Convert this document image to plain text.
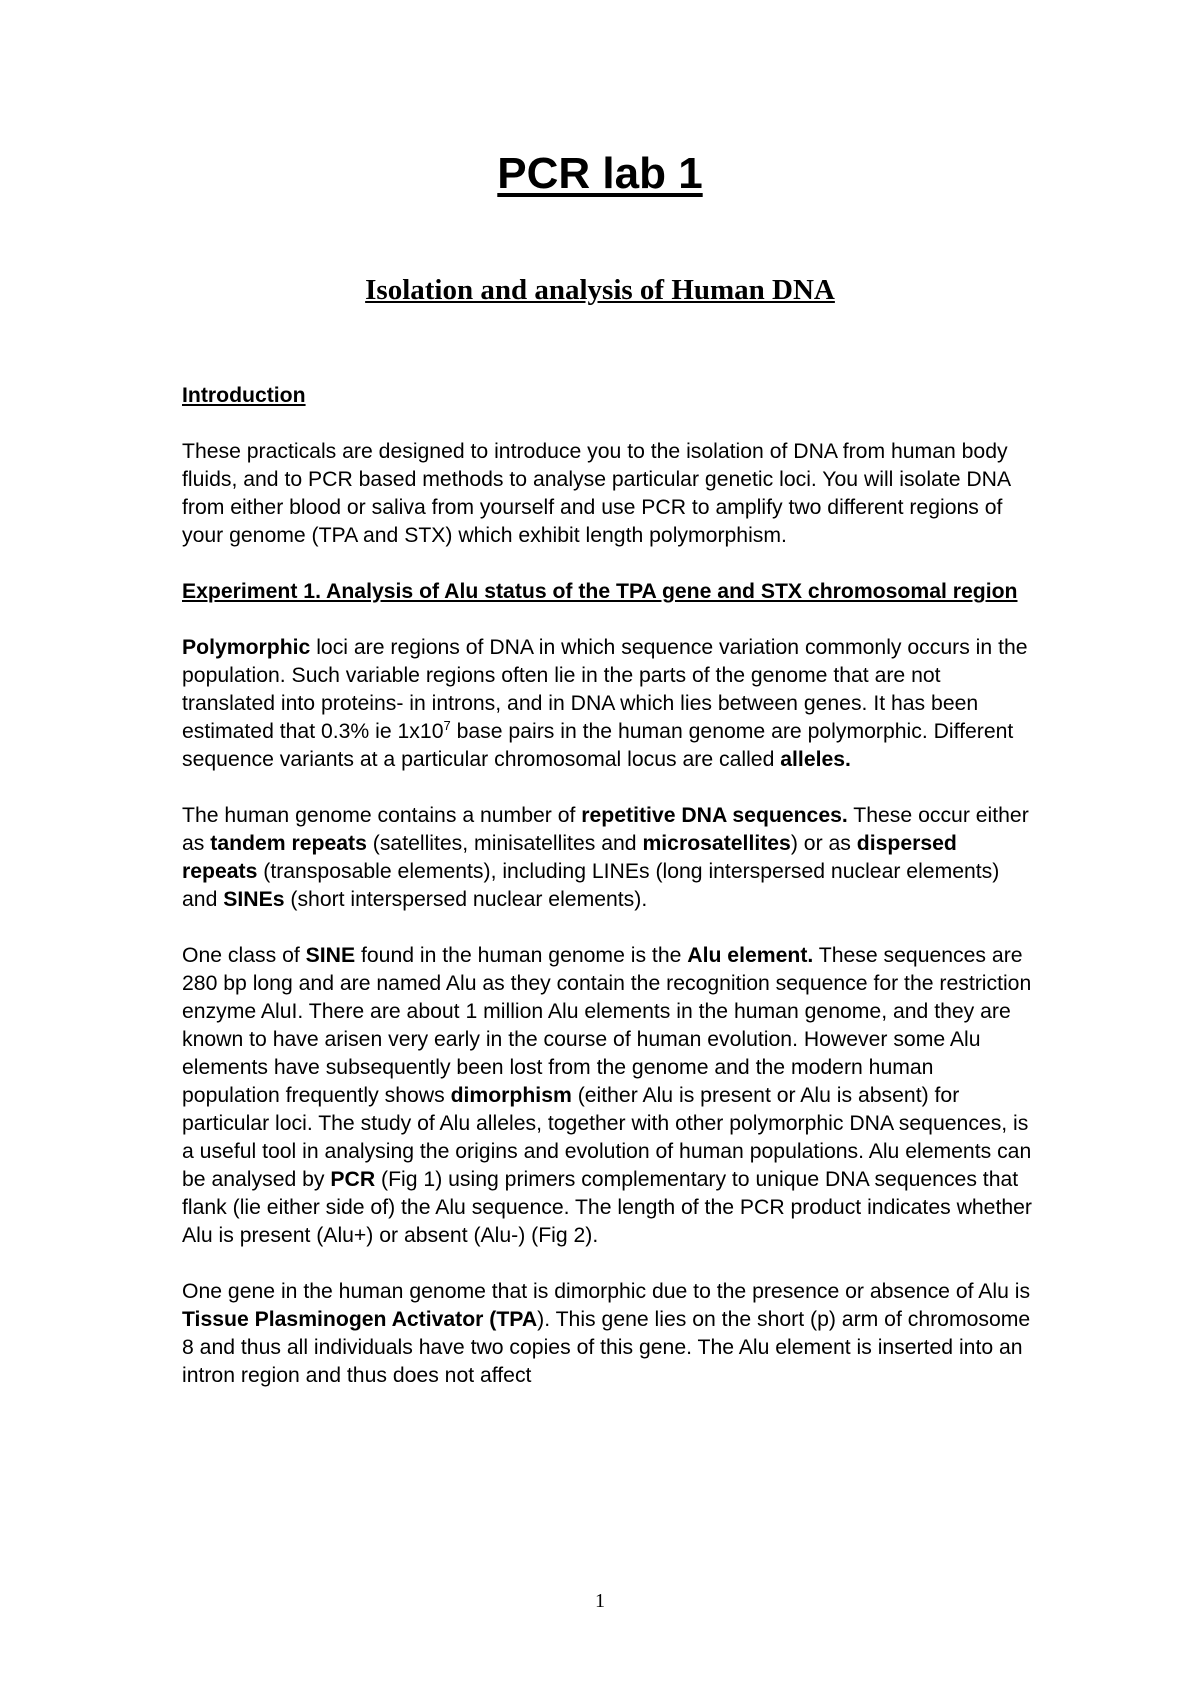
PCR lab 1
Isolation and analysis of Human DNA

Introduction

These practicals are designed to introduce you to the isolation of DNA from human body fluids, and to PCR based methods to analyse particular genetic loci. You will isolate DNA from either blood or saliva from yourself and use PCR to amplify two different regions of your genome (TPA and STX) which exhibit length polymorphism.

Experiment 1. Analysis of Alu status of the TPA gene and STX chromosomal region

Polymorphic loci are regions of DNA in which sequence variation commonly occurs in the population. Such variable regions often lie in the parts of the genome that are not translated into proteins- in introns, and in DNA which lies between genes. It has been estimated that 0.3% ie $1x10^7$ base pairs in the human genome are polymorphic. Different sequence variants at a particular chromosomal locus are called alleles.

The human genome contains a number of repetitive DNA sequences. These occur either as tandem repeats (satellites, minisatellites and microsatellites) or as dispersed repeats (transposable elements), including LINEs (long interspersed nuclear elements) and SINEs (short interspersed nuclear elements).

One class of SINE found in the human genome is the Alu element. These sequences are 280 bp long and are named Alu as they contain the recognition sequence for the restriction enzyme AluI. There are about 1 million Alu elements in the human genome, and they are known to have arisen very early in the course of human evolution. However some Alu elements have subsequently been lost from the genome and the modern human population frequently shows dimorphism (either Alu is present or Alu is absent) for particular loci. The study of Alu alleles, together with other polymorphic DNA sequences, is a useful tool in analysing the origins and evolution of human populations. Alu elements can be analysed by PCR (Fig 1) using primers complementary to unique DNA sequences that flank (lie either side of) the Alu sequence. The length of the PCR product indicates whether Alu is present (Alu+) or absent (Alu-) (Fig 2).

One gene in the human genome that is dimorphic due to the presence or absence of Alu is Tissue Plasminogen Activator (TPA). This gene lies on the short (p) arm of chromosome 8 and thus all individuals have two copies of this gene. The Alu element is inserted into an intron region and thus does not affect

1
